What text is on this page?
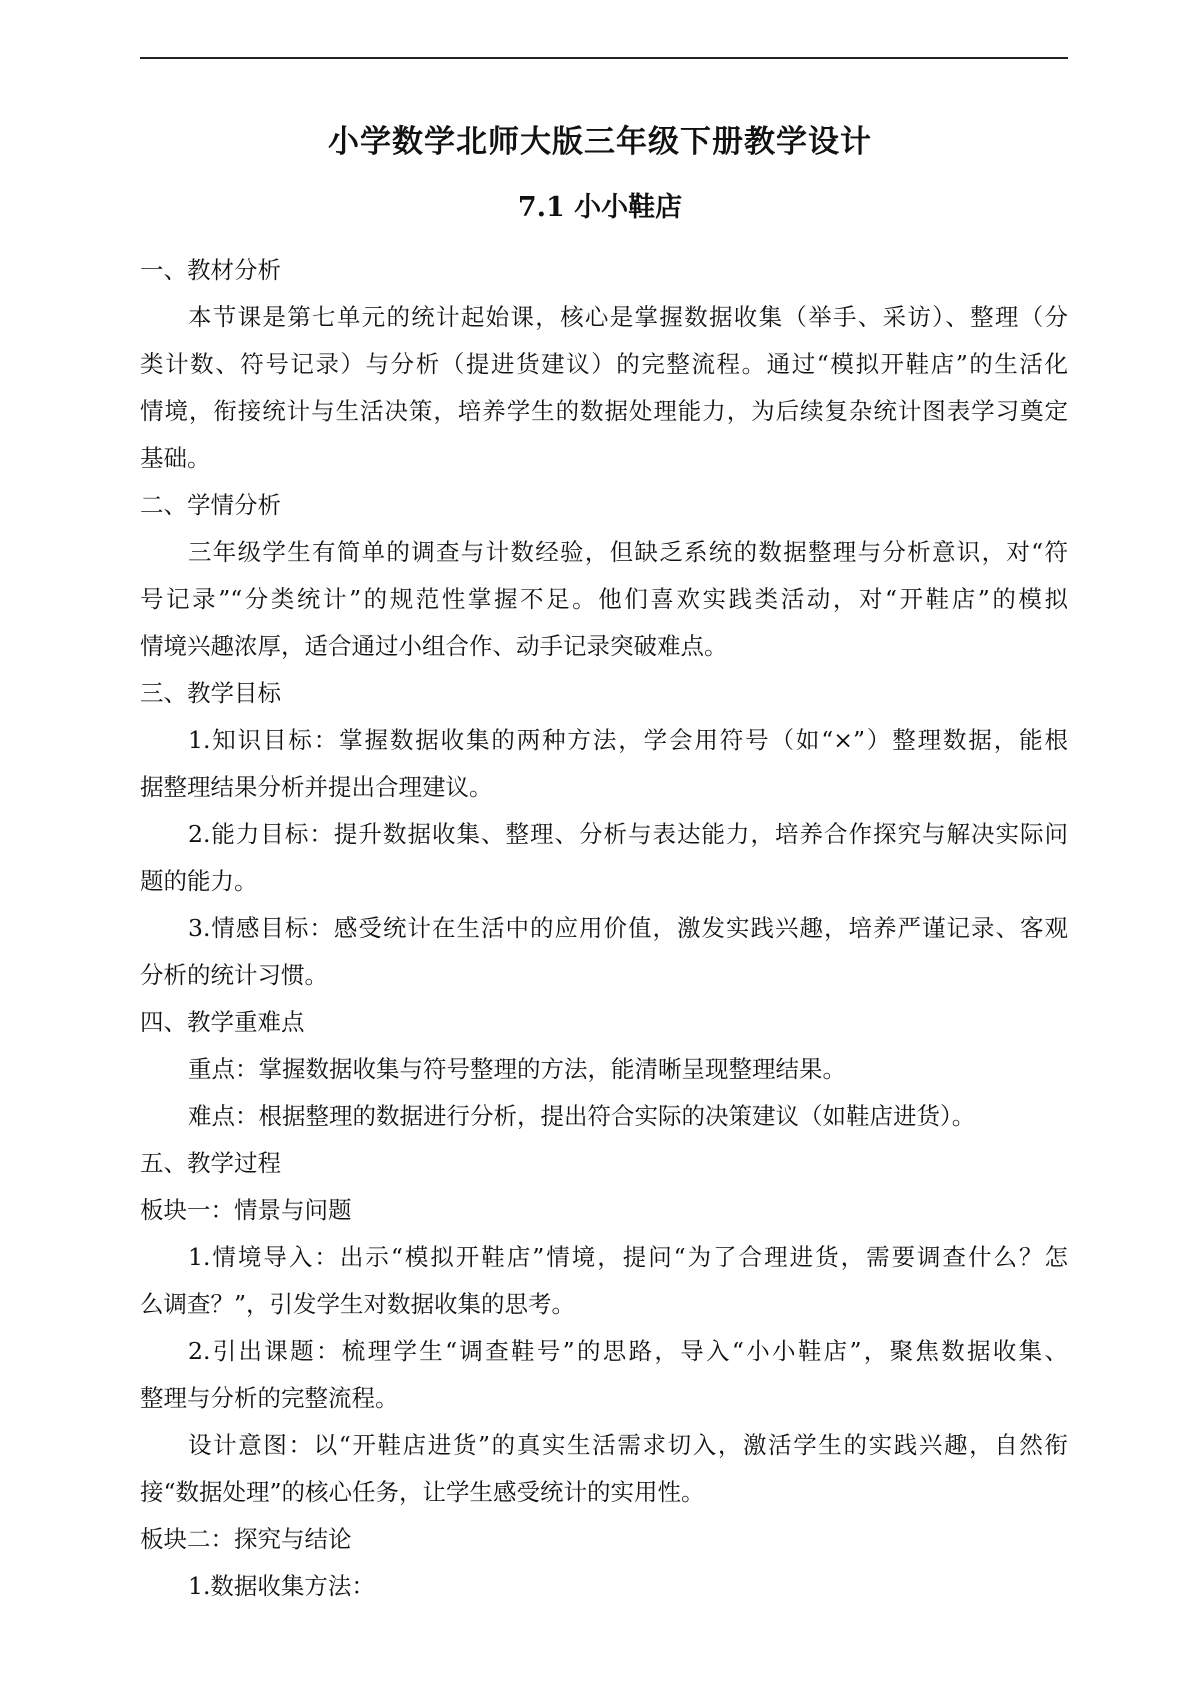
小学数学北师大版三年级下册教学设计
7.1 小小鞋店
一、教材分析
本节课是第七单元的统计起始课，核心是掌握数据收集（举手、采访）、整理（分
类计数、符号记录）与分析（提进货建议）的完整流程。通过“模拟开鞋店”的生活化
情境，衔接统计与生活决策，培养学生的数据处理能力，为后续复杂统计图表学习奠定
基础。
二、学情分析
三年级学生有简单的调查与计数经验，但缺乏系统的数据整理与分析意识，对“符
号记录”“分类统计”的规范性掌握不足。他们喜欢实践类活动，对“开鞋店”的模拟
情境兴趣浓厚，适合通过小组合作、动手记录突破难点。
三、教学目标
1.知识目标：掌握数据收集的两种方法，学会用符号（如“×”）整理数据，能根
据整理结果分析并提出合理建议。
2.能力目标：提升数据收集、整理、分析与表达能力，培养合作探究与解决实际问
题的能力。
3.情感目标：感受统计在生活中的应用价值，激发实践兴趣，培养严谨记录、客观
分析的统计习惯。
四、教学重难点
重点：掌握数据收集与符号整理的方法，能清晰呈现整理结果。
难点：根据整理的数据进行分析，提出符合实际的决策建议（如鞋店进货）。
五、教学过程
板块一：情景与问题
1.情境导入：出示“模拟开鞋店”情境，提问“为了合理进货，需要调查什么？怎
么调查？”，引发学生对数据收集的思考。
2.引出课题：梳理学生“调查鞋号”的思路，导入“小小鞋店”，聚焦数据收集、
整理与分析的完整流程。
设计意图：以“开鞋店进货”的真实生活需求切入，激活学生的实践兴趣，自然衔
接“数据处理”的核心任务，让学生感受统计的实用性。
板块二：探究与结论
1.数据收集方法：
